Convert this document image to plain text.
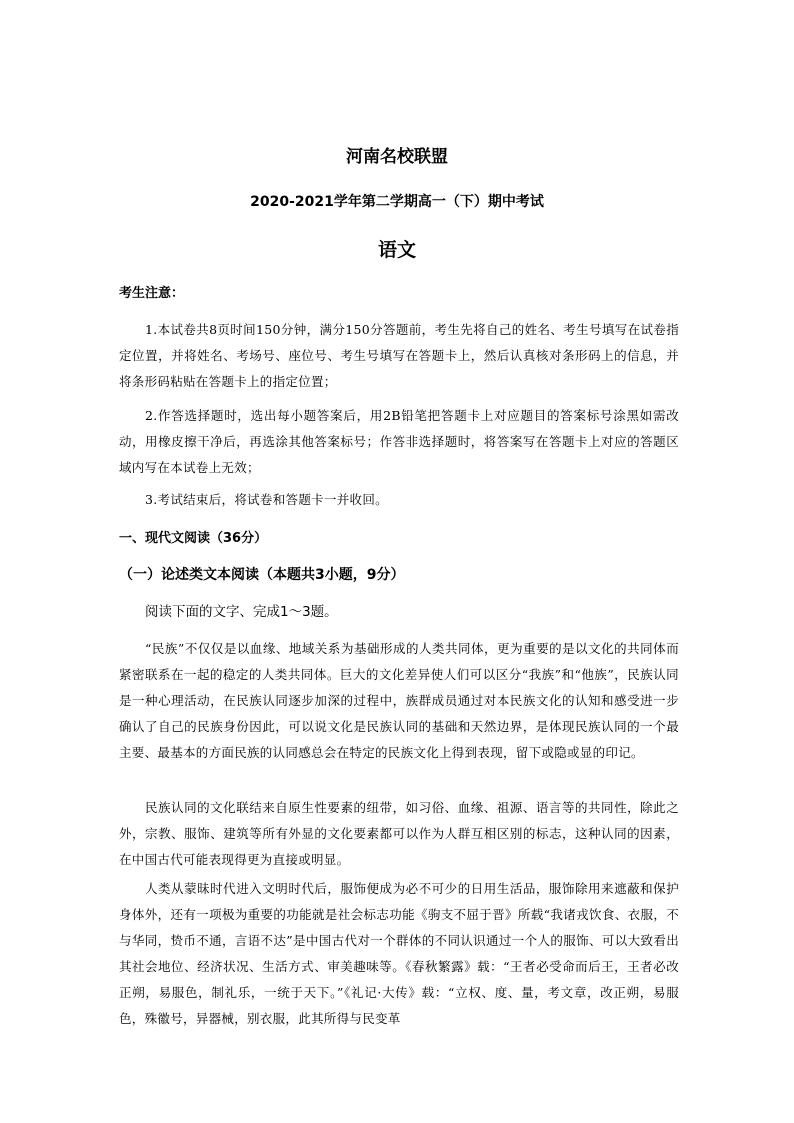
河南名校联盟
2020-2021学年第二学期高一（下）期中考试
语文
考生注意：
1.本试卷共8页时间150分钟，满分150分答题前，考生先将自己的姓名、考生号填写在试卷指定位置，并将姓名、考场号、座位号、考生号填写在答题卡上，然后认真核对条形码上的信息，并将条形码粘贴在答题卡上的指定位置；
2.作答选择题时，选出每小题答案后，用2B铅笔把答题卡上对应题目的答案标号涂黑如需改动，用橡皮擦干净后，再选涂其他答案标号；作答非选择题时，将答案写在答题卡上对应的答题区域内写在本试卷上无效；
3.考试结束后，将试卷和答题卡一并收回。
一、现代文阅读（36分）
（一）论述类文本阅读（本题共3小题，9分）
阅读下面的文字、完成1～3题。
“民族”不仅仅是以血缘、地域关系为基础形成的人类共同体，更为重要的是以文化的共同体而紧密联系在一起的稳定的人类共同体。巨大的文化差异使人们可以区分“我族”和“他族”，民族认同是一种心理活动，在民族认同逐步加深的过程中，族群成员通过对本民族文化的认知和感受进一步确认了自己的民族身份因此，可以说文化是民族认同的基础和天然边界，是体现民族认同的一个最主要、最基本的方面民族的认同感总会在特定的民族文化上得到表现，留下或隐或显的印记。
民族认同的文化联结来自原生性要素的纽带，如习俗、血缘、祖源、语言等的共同性，除此之外，宗教、服饰、建筑等所有外显的文化要素都可以作为人群互相区别的标志，这种认同的因素，在中国古代可能表现得更为直接或明显。
人类从蒙昧时代进入文明时代后，服饰便成为必不可少的日用生活品，服饰除用来遮蔽和保护身体外，还有一项极为重要的功能就是社会标志功能《驹支不屈于晋》所载“我诸戎饮食、衣服，不与华同，贽币不通，言语不达”是中国古代对一个群体的不同认识通过一个人的服饰、可以大致看出其社会地位、经济状况、生活方式、审美趣味等。《春秋繁露》载：“王者必受命而后王，王者必改正朔，易服色，制礼乐，一统于天下。”《礼记·大传》载：“立权、度、量，考文章，改正朔，易服色，殊徽号，异器械，别衣服，此其所得与民变革
